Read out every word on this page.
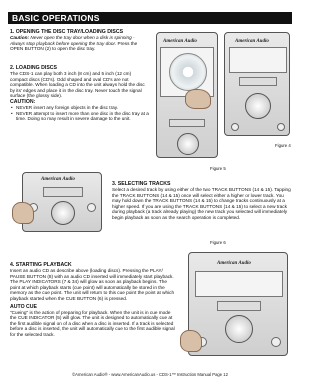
BASIC OPERATIONS
1. OPENING THE DISC TRAY/LOADING DISCS
Caution: Never open the tray door when a disk is spinning - Always stop playback before opening the tray door. Press the OPEN BUTTON (2) to open the disc tray.
2. LOADING DISCS
The CDS-1 can play both 3 inch (8 cm) and 5 inch (12 cm) compact discs (CD's). Odd shaped and oval CD's are not compatible. When loading a CD into the unit always hold the disc by its' edges and place it in the disc tray. Never touch the signal surface (the glossy side).
CAUTION:
• NEVER insert any foreign objects in the disc tray.
• NEVER attempt to insert more than one disc in the disc tray at a time. Doing so may result in severe damage to the unit.
American Audio	American Audio
Figure 5
Figure 4
American Audio
3. SELECTING TRACKS
Select a desired track by using either of the two TRACK BUTTONS (14 & 15). Tapping the TRACK BUTTONS (14 & 15) once will select either a higher or lower track. You may hold down the TRACK BUTTONS (14 & 15) to change tracks continuously at a higher speed. If you are using the TRACK BUTTONS (14 & 15) to select a new track during playback (a track already playing) the new track you selected will immediately begin playback as soon as the search operation is completed.
Figure 6
American Audio
4. STARTING PLAYBACK
Insert an audio CD as describe above (loading discs). Pressing the PLAY/ PAUSE BUTTON (8) with an audio CD inserted will immediately start playback. The PLAY INDICATORS (7 & 34) will glow as soon as playback begins. The point at which playback starts (cue point) will automatically be stored in the memory as the cue point. The unit will return to this cue point the point at which playback started when the CUE BUTTON (6) is pressed.
AUTO CUE
"Cueing" is the action of preparing for playback. When the unit is in cue mode the CUE INDICATOR (5) will glow. The unit is designed to automatically cue at the first audible signal on of a disc when a disc is inserted. If a track is selected before a disc is inserted, the unit will automatically cue to the first audible signal for the selected track.
©American Audio® - www.AmericanAudio.us - CDS-1™ Instruction Manual Page 12
